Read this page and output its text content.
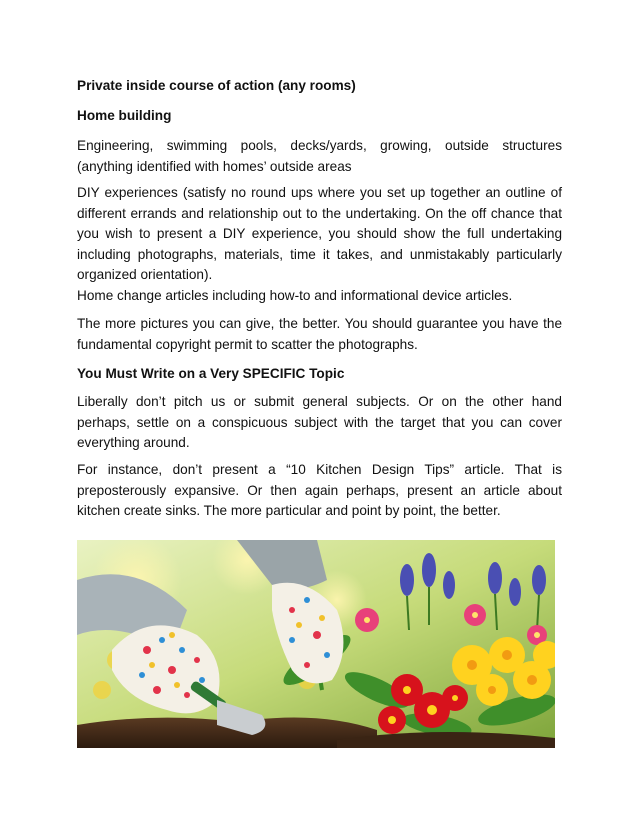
Private inside course of action (any rooms)

Home building

Engineering, swimming pools, decks/yards, growing, outside structures (anything identified with homes’ outside areas

DIY experiences (satisfy no round ups where you set up together an outline of different errands and relationship out to the undertaking. On the off chance that you wish to present a DIY experience, you should show the full undertaking including photographs, materials, time it takes, and unmistakably particularly organized orientation).

Home change articles including how-to and informational device articles.

The more pictures you can give, the better. You should guarantee you have the fundamental copyright permit to scatter the photographs.

You Must Write on a Very SPECIFIC Topic

Liberally don’t pitch us or submit general subjects. Or on the other hand perhaps, settle on a conspicuous subject with the target that you can cover everything around.

For instance, don’t present a “10 Kitchen Design Tips” article. That is preposterously expansive. Or then again perhaps, present an article about kitchen create sinks. The more particular and point by point, the better.
